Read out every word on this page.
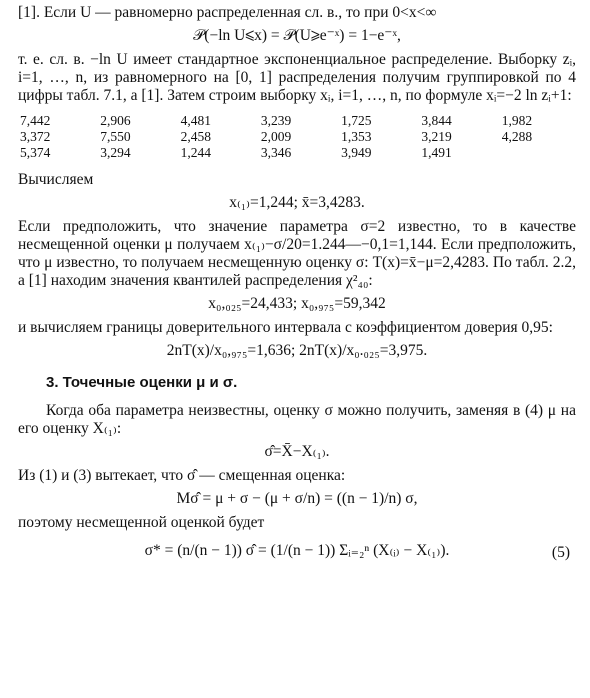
[1]. Если U — равномерно распределенная сл. в., то при 0<x<∞

𝒫(−ln U⩽x) = 𝒫(U⩾e⁻ˣ) = 1−e⁻ˣ,

т. е. сл. в. −ln U имеет стандартное экспоненциальное распределение. Выборку zᵢ, i=1, …, n, из равномерного на [0, 1] распределения получим группировкой по 4 цифры табл. 7.1, a [1]. Затем строим выборку xᵢ, i=1, …, n, по формуле xᵢ=−2 ln zᵢ+1:

7,442	2,906	4,481	3,239	1,725	3,844	1,982
3,372	7,550	2,458	2,009	1,353	3,219	4,288
5,374	3,294	1,244	3,346	3,949	1,491

Вычисляем

x₍₁₎=1,244; x̄=3,4283.

Если предположить, что значение параметра σ=2 известно, то в качестве несмещенной оценки μ получаем x₍₁₎−σ/20=1.244—−0,1=1,144. Если предположить, что μ известно, то получаем несмещенную оценку σ: T(x)=x̄−μ=2,4283. По табл. 2.2, a [1] находим значения квантилей распределения χ²₄₀:

x₀,₀₂₅=24,433; x₀,₉₇₅=59,342

и вычисляем границы доверительного интервала с коэффициентом доверия 0,95:

2nT(x)/x₀,₉₇₅=1,636; 2nT(x)/x₀.₀₂₅=3,975.

3. Точечные оценки μ и σ.

Когда оба параметра неизвестны, оценку σ можно получить, заменяя в (4) μ на его оценку X₍₁₎:

σ̂=X̄−X₍₁₎.

Из (1) и (3) вытекает, что σ̂ — смещенная оценка:

Mσ̂ = μ + σ − (μ + σ/n) = ((n − 1)/n) σ,

поэтому несмещенной оценкой будет

σ* = (n/(n − 1)) σ̂ = (1/(n − 1)) Σᵢ₌₂ⁿ (X₍ᵢ₎ − X₍₁₎).	(5)
